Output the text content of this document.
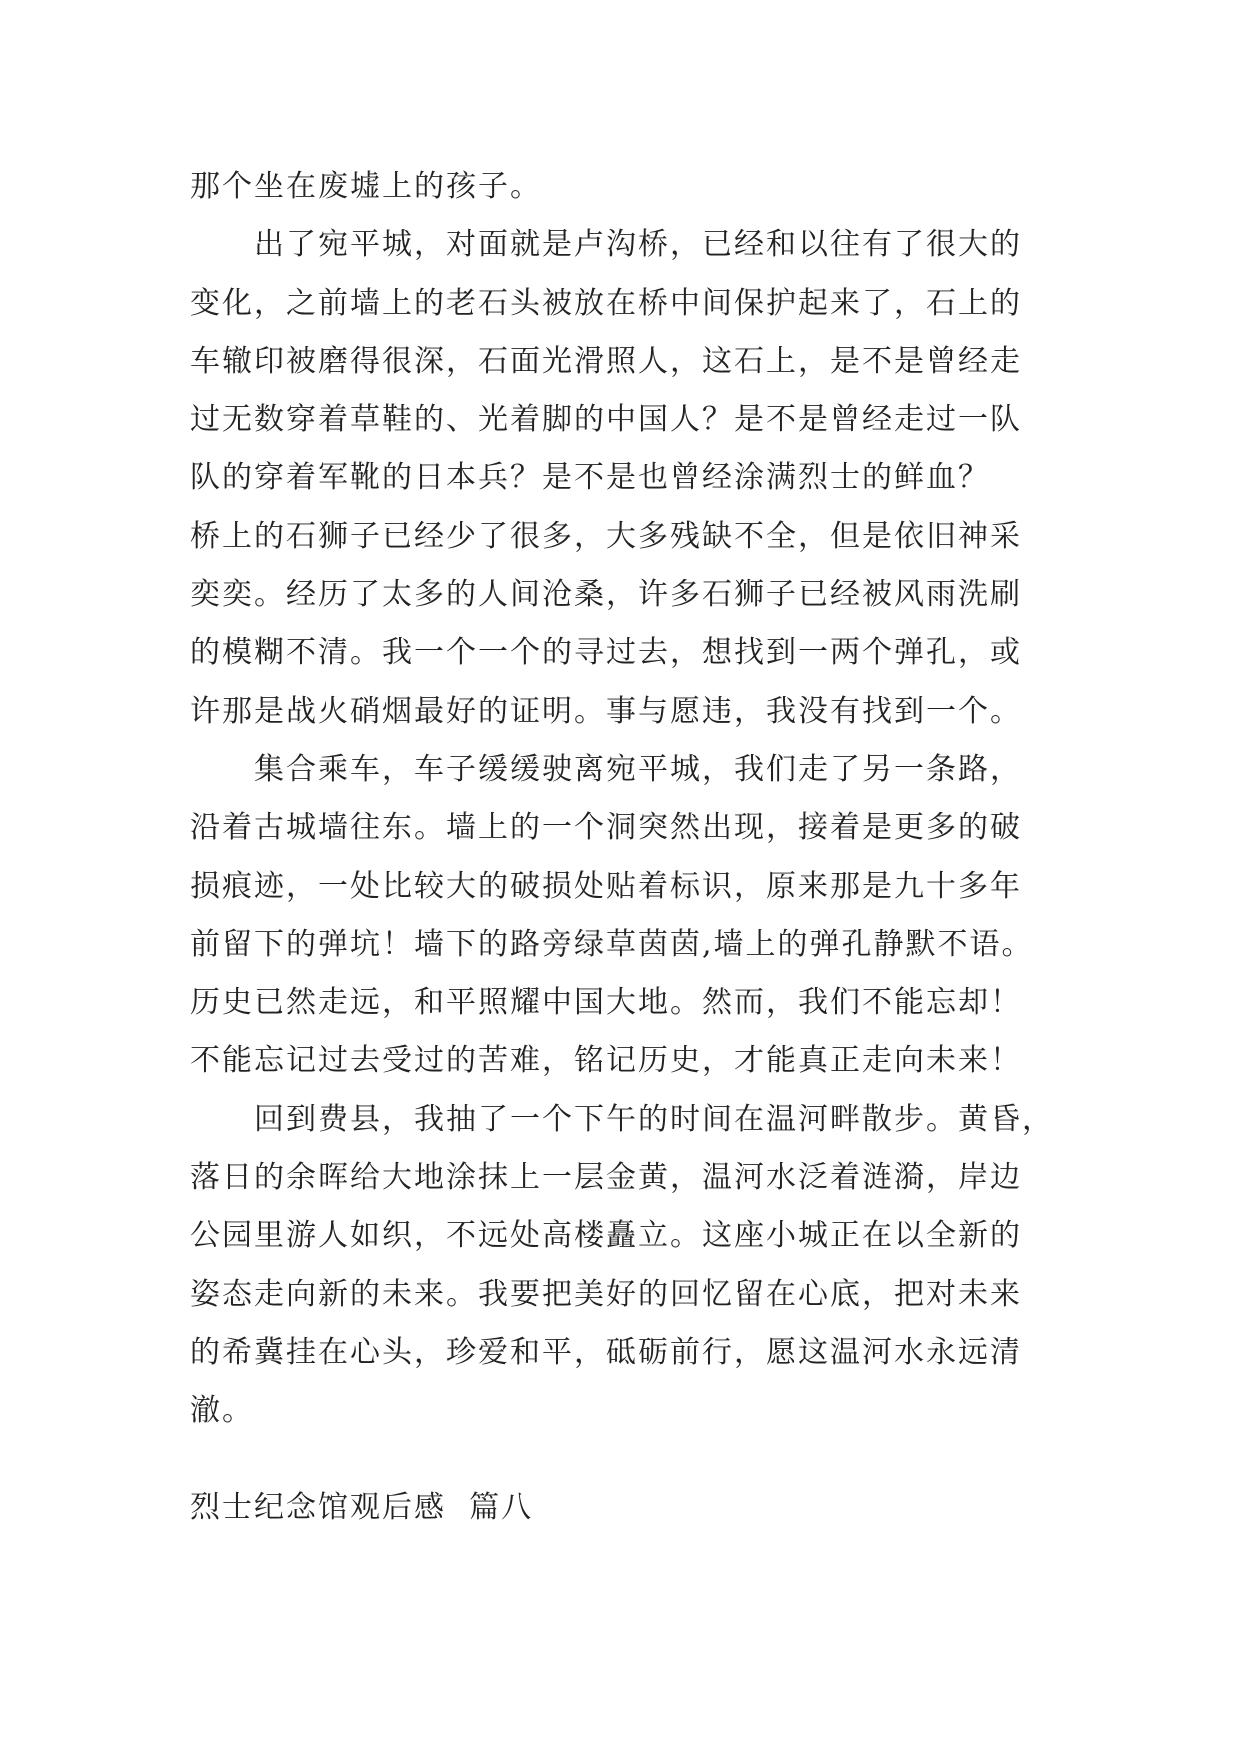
那个坐在废墟上的孩子。
出了宛平城，对面就是卢沟桥，已经和以往有了很大的
变化，之前墙上的老石头被放在桥中间保护起来了，石上的
车辙印被磨得很深，石面光滑照人，这石上，是不是曾经走
过无数穿着草鞋的、光着脚的中国人？是不是曾经走过一队
队的穿着军靴的日本兵？是不是也曾经涂满烈士的鲜血？
桥上的石狮子已经少了很多，大多残缺不全，但是依旧神采
奕奕。经历了太多的人间沧桑，许多石狮子已经被风雨洗刷
的模糊不清。我一个一个的寻过去，想找到一两个弹孔，或
许那是战火硝烟最好的证明。事与愿违，我没有找到一个。
集合乘车，车子缓缓驶离宛平城，我们走了另一条路，
沿着古城墙往东。墙上的一个洞突然出现，接着是更多的破
损痕迹，一处比较大的破损处贴着标识，原来那是九十多年
前留下的弹坑！墙下的路旁绿草茵茵,墙上的弹孔静默不语。
历史已然走远，和平照耀中国大地。然而，我们不能忘却！
不能忘记过去受过的苦难，铭记历史，才能真正走向未来！
回到费县，我抽了一个下午的时间在温河畔散步。黄昏，
落日的余晖给大地涂抹上一层金黄，温河水泛着涟漪，岸边
公园里游人如织，不远处高楼矗立。这座小城正在以全新的
姿态走向新的未来。我要把美好的回忆留在心底，把对未来
的希冀挂在心头，珍爱和平，砥砺前行，愿这温河水永远清
澈。
烈士纪念馆观后感  篇八
